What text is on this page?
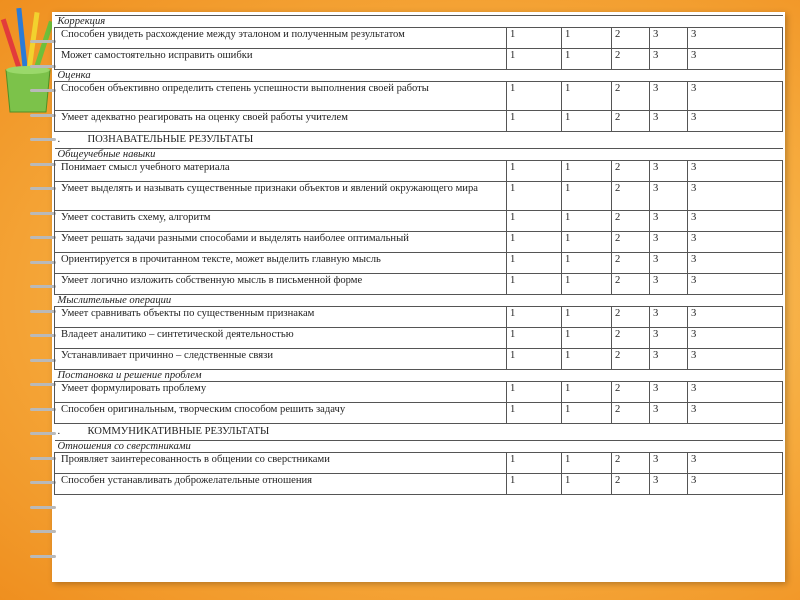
Коррекция					
Способен увидеть расхождение между эталоном и полученным результатом	1	1	2	3	3
Может самостоятельно исправить ошибки	1	1	2	3	3
Оценка					
Способен объективно определить степень успешности выполнения своей работы	1	1	2	3	3
Умеет адекватно реагировать на оценку своей работы учителем	1	1	2	3	3
. ПОЗНАВАТЕЛЬНЫЕ РЕЗУЛЬТАТЫ					
Общеучебные навыки					
Понимает смысл учебного материала	1	1	2	3	3
Умеет выделять и называть существенные признаки объектов и явлений окружающего мира	1	1	2	3	3
Умеет составить схему, алгоритм	1	1	2	3	3
Умеет решать задачи разными способами и выделять наиболее оптимальный	1	1	2	3	3
Ориентируется в прочитанном тексте, может выделить главную мысль	1	1	2	3	3
Умеет логично изложить собственную мысль в письменной форме	1	1	2	3	3
Мыслительные операции					
Умеет сравнивать объекты по существенным признакам	1	1	2	3	3
Владеет аналитико – синтетической деятельностью	1	1	2	3	3
Устанавливает причинно – следственные связи	1	1	2	3	3
Постановка и решение проблем					
Умеет формулировать проблему	1	1	2	3	3
Способен оригинальным, творческим способом решить задачу	1	1	2	3	3
. КОММУНИКАТИВНЫЕ РЕЗУЛЬТАТЫ					
Отношения со сверстниками					
Проявляет заинтересованность в общении со сверстниками	1	1	2	3	3
Способен устанавливать доброжелательные отношения	1	1	2	3	3
